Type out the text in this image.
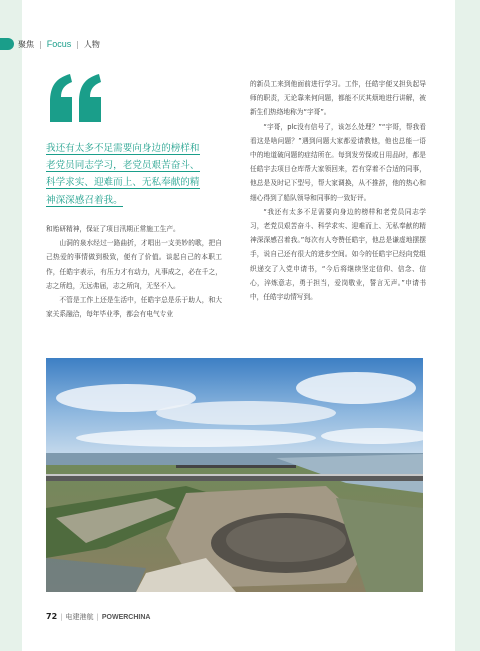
聚焦 | Focus | 人物
我还有太多不足需要向身边的榜样和
老党员同志学习，老党员艰苦奋斗、
科学求实、迎难而上、无私奉献的精
神深深感召着我。

和贻研精神，保证了项目汛期正常施工生产。

山洞的泉水经过一路曲折，才唱出一支美妙的歌，把自己热爱的事情做到极致，便有了价值。谈起自己的本职工作，任皓宇表示，有压力才有动力，凡事成之，必在千之，志之所趋，无远弗届，志之所向，无坚不入。

不管是工作上还是生活中，任皓宇总是乐于助人，和大家关系融洽，每年毕业季，都会有电气专业

的新员工来到他面前进行学习。工作，任皓宇便又担负起导师的职责，无论靠来何问题，都能不厌其烦地进行讲解，被新生们热络地称为“宇哥”。

“宇哥，plc没有信号了，该怎么处理？”“宇哥，帮我看看这是啥问题？”遇到问题大家都爱请教他，他也总能一语中的地道破问题的症结所在。每到发劳保或日用品时，都是任皓宇去项目仓库帮大家领回来，若有穿着不合适的同事，他总是及时记下型号，帮大家调换，从不推辞，他的热心和细心得到了船队领导和同事的一致好评。

“我还有太多不足需要向身边的榜样和老党员同志学习，老党员艰苦奋斗、科学求实、迎难而上、无私奉献的精神深深感召着我。”每次有人夸赞任皓宇，他总是谦虚地摆摆手，说自己还有很大的进步空间。如今的任皓宇已经向党组织递交了入党申请书，“今后将继续坚定信仰、信念、信心，淬炼意志，勇于担当，爱岗敬业，誓言无声。”申请书中，任皓宇动情写到。

72 | 电建港航 | POWERCHINA
